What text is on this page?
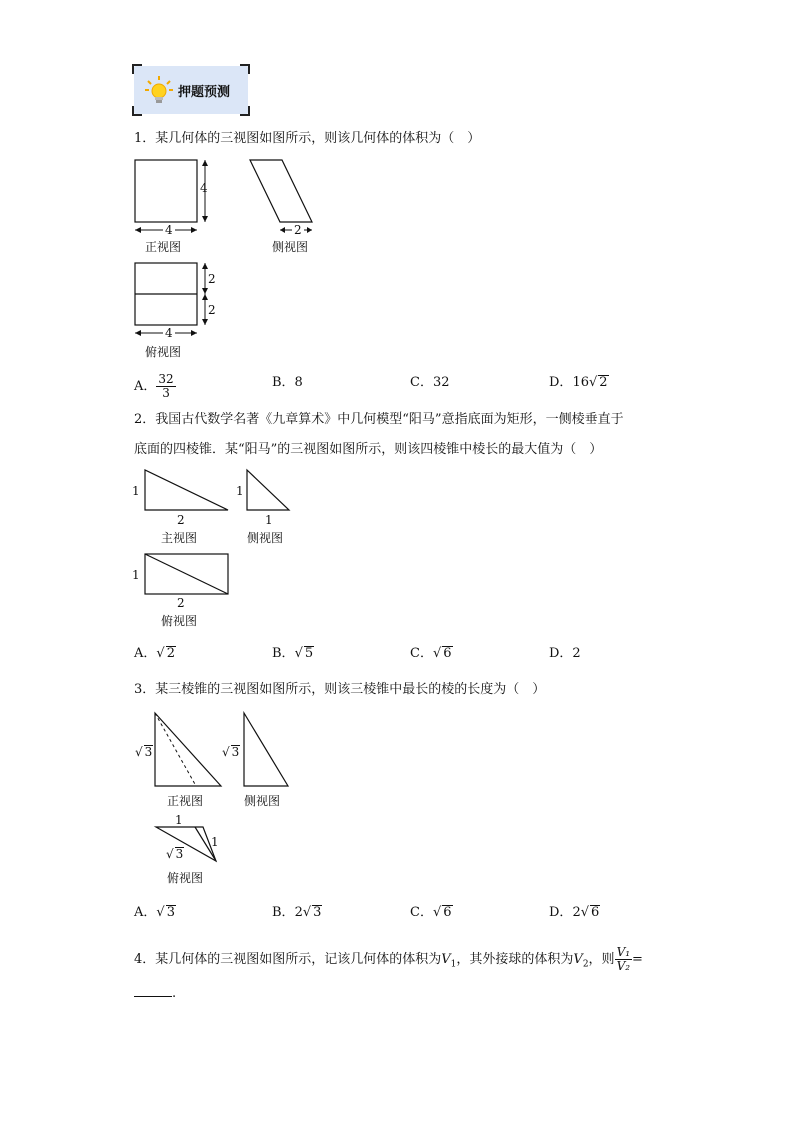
押题预测
1．某几何体的三视图如图所示，则该几何体的体积为（　）
4
4
2
2
2
4
正视图	侧视图
俯视图
A． $\frac{32}{3}$	B．8	C．32	D．16√ 2
2．我国古代数学名著《九章算术》中几何模型“阳马”意指底面为矩形，一侧棱垂直于
底面的四棱锥．某“阳马”的三视图如图所示，则该四棱锥中棱长的最大值为（　）
1
2
1
1
主视图	侧视图
1
2
俯视图
A．√ 2	B．√ 5	C．√ 6	D．2
3．某三棱锥的三视图如图所示，则该三棱锥中最长的棱的长度为（　）
√ 3	√ 3
正视图	侧视图
1
1
√ 3
俯视图
A．√ 3	B．2√ 3	C．√ 6	D．2√ 6
4．某几何体的三视图如图所示，记该几何体的体积为$V_1$，其外接球的体积为$V_2$，则 $\frac{\text{V₁}}{\text{V₂}}$ =
.
